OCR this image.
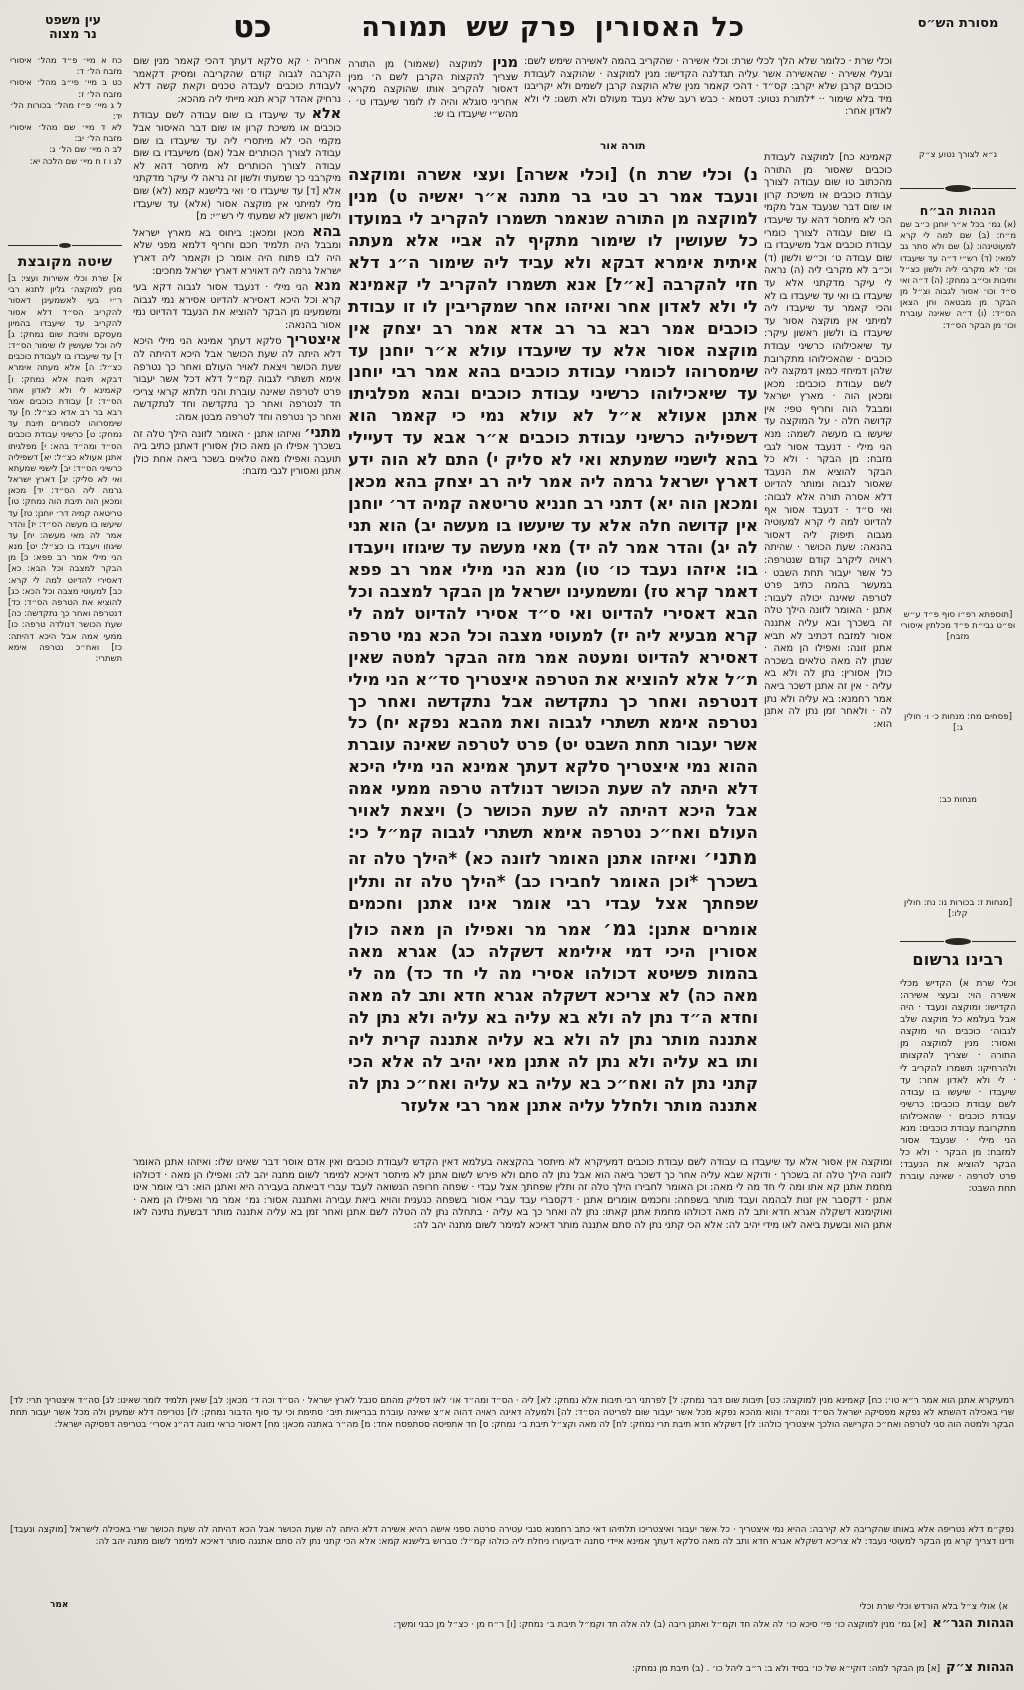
מסורת הש״ס
כל האסוריןפרק ששתמורה
כט
עין משפט
נר מצוה
כח א מיי׳ פ״ד מהל׳ איסורי מזבח הל׳ ד:
כט ב מיי׳ פי״ב מהל׳ איסורי מזבח הל׳ ז:
ל ג מיי׳ פ״ז מהל׳ בכורות הל׳ יד:
לא ד מיי׳ שם מהל׳ איסורי מזבח הל׳ יב:
לב ה מיי׳ שם הל׳ ג:
לג ו ז ח מיי׳ שם הלכה יא:
שיטה מקובצת
א] שרת וכלי אשירות ועצי: ב] מנין למוקצה׳ גליון לתנא רבי ר״י בעי לאשמעינן דאסור להקריב הס״ד דלא אסור להקריב עד שיעבדו בהמיון מעסקם ותיבת שום נמחק: ג] ליה וכל שעושין לו שימור הס״ד: ד] עד שיעבדו בו לעבודת כוכבים כצ״ל: ה] אלא מעתה אימרא דבקא תיבת אלא נמחק: ו] קאמינא לי ולא לאדון אחר הס״ד: ז] עבודת כוכבים אמר רבא בר רב אדא כצ״ל: ח] עד שימסרוהו לכומרים תיבת עד נמחק: ט] כרשיני עבודת כוכבים הס״ד ומה״ד בהא: י] מפלגיתו אתנן אעולא כצ״ל: יא] דשפיליה כרשיני הס״ד: יב] לישנײ שמעתא ואי לא סליק: יג] דארץ ישראל גרמה ליה הס״ד: יד] מכאן ומכאן הוה תיבת הוה נמחק: טו] טריטאה קמיה דר׳ יוחנן: טז] עד שיעשו בו מעשה הס״ד: יז] והדר אמר לה מאי מעשה: יח] עד שיגוזו ויעבדו בו כצ״ל: יט] מנא הני מילי אמר רב פפא: כ] מן הבקר למצבה וכל הבא: כא] דאסירי להדיוט למה לי קרא: כב] למעוטי מצבה וכל הכא: כג] להוציא את הטרפה הס״ד: כד] דנטרפה ואחר כך נתקדשה: כה] שעת הכושר דנולדה טרפה: כו] ממעי אמה אבל היכא דהיתה: כז] ואח״כ נטרפה אימא תשתרי:

אחריה · קא סלקא דעתך דהכי קאמר מנין שום הקרבה לגבוה קודם שהקריבה ומסיק דקאמר לעבודת כוכבים לעבדה טכנים וקאת קשה דלא נרחיק אהדר קרא תנא מייתי ליה מהכא:

אלא עד שיעבדו בו שום עבודה לשם עבודת כוכבים או משיכת קרון או שום דבר האיסור אבל מקמי הכי לא מיתסרי ליה עד שיעבדו בו שום עבודה לצורך הכותרים אבל (אם) משיעבדו בו שום עבודה לצורך הכותרים לא מיתסר דהא לא מיקרבני כך שמעתי ולשון זה נראה לי עיקר מדקתני אלא [ד] עד שיעבדו ס׳ ואי בלישנא קמא (לא) שום מלי למיתני אין מוקצה אסור (אלא) עד שיעבדו ולשון ראשון לא שמעתי לי רש״י: מ]

בהא מכאן ומכאן: ביחוס בא מארץ ישראל ומבבל היה תלמיד חכם וחריף דלמא מפני שלא היה לבו פתוח היה אומר כן וקאמר ליה דארץ ישראל גרמה ליה דאוירא דארץ ישראל מחכים:

מנא הני מילי · דנעבד אסור לגבוה דקא בעי קרא וכל היכא דאסירא להדיוט אסירא נמי לגבוה ומשמעינו מן הבקר להוציא את הנעבד דהדיוט נמי אסור בהנאה:

איצטריך סלקא דעתך אמינא הני מילי היכא דלא היתה לה שעת הכושר אבל היכא דהיתה לה שעת הכושר ויצאת לאויר העולם ואחר כך נטרפה אימא תשתרי לגבוה קמ״ל דלא דכל אשר יעבור פרט לטרפה שאינה עוברת והני תלתא קראי צריכי חד לנטרפה ואחר כך נתקדשה וחד לנתקדשה ואחר כך נטרפה וחד לטרפה מבטן אמה:

מתני׳ ואיזהו אתנן · האומר לזונה הילך טלה זה בשכרך אפילו הן מאה כולן אסורין דאתנן כתיב ביה תועבה ואפילו מאה טלאים בשכר ביאה אחת כולן אתנן ואסורין לגבי מזבח:

מנין למוקצה (שאמור) מן התורה שצריך להקצות הקרבן לשם ה׳ מנין דאסור להקריב אותו שהוקצה מקראי אחריני סוגלא והיה לו לומר שיעבדו ט׳ · מהש״י שיעבדו בו ש:

וכלי שרת · כלומר שלא הלך לכלי שרת: וכלי אשירה · שהקריב בהמה לאשירה שימש לשם: ובעלי אשירה · שהאשירה אשר עליה תגדלנה הקדישו: מנין למוקצה · שהוקצה לעבודת כוכבים קרבן שלא יקרב: קס״ד · דהכי קאמר מנין שלא הוקצה קרבן לשמים ולא יקריבנו מיד בלא שימור ·· *לתורת נטוע: דטמא · כבש רעב שלא נעבד מעולם ולא תשגו: לי ולא לאדון אחר:
תורה אור
נ) וכלי שרת ח) [וכלי אשרה] ועצי אשרה ומוקצה ונעבד אמר רב טבי בר מתנה א״ר יאשיה ט) מנין למוקצה מן התורה שנאמר תשמרו להקריב לי במועדו כל שעושין לו שימור מתקיף לה אביי אלא מעתה איתית אימרא דבקא ולא עביד ליה שימור ה״נ דלא חזי להקרבה [א״ל] אנא תשמרו להקריב לי קאמינא לי ולא לאדון אחר ואיזהו אחר שמקריבין לו זו עבודת כוכבים אמר רבא בר רב אדא אמר רב יצחק אין מוקצה אסור אלא עד שיעבדו עולא א״ר יוחנן עד שימסרוהו לכומרי עבודת כוכבים בהא אמר רבי יוחנן עד שיאכילוהו כרשיני עבודת כוכבים ובהא מפלגיתו אתנן אעולא א״ל לא עולא נמי כי קאמר הוא דשפיליה כרשיני עבודת כוכבים א״ר אבא עד דעיילי בהא לישנײ שמעתא ואי לא סליק י) התם לא הוה ידע דארץ ישראל גרמה ליה אמר ליה רב יצחק בהא מכאן ומכאן הוה יא) דתני רב חנניא טריטאה קמיה דר׳ יוחנן אין קדושה חלה אלא עד שיעשו בו מעשה יב) הוא תני לה יג) והדר אמר לה יד) מאי מעשה עד שיגוזו ויעבדו בו: איזהו נעבד כו׳ טו) מנא הני מילי אמר רב פפא דאמר קרא טז) ומשמעינו ישראל מן הבקר למצבה וכל הבא דאסירי להדיוט ואי ס״ד אסירי להדיוט למה לי קרא מבעיא ליה יז) למעוטי מצבה וכל הכא נמי טרפה דאסירא להדיוט ומעטה אמר מזה הבקר למטה שאין ת״ל אלא להוציא את הטרפה איצטריך סד״א הני מילי דנטרפה ואחר כך נתקדשה אבל נתקדשה ואחר כך נטרפה אימא תשתרי לגבוה ואת מהבא נפקא יח) כל אשר יעבור תחת השבט יט) פרט לטרפה שאינה עוברת ההוא נמי איצטריך סלקא דעתך אמינא הני מילי היכא דלא היתה לה שעת הכושר דנולדה טרפה ממעי אמה אבל היכא דהיתה לה שעת הכושר כ) ויצאת לאויר העולם ואח״כ נטרפה אימא תשתרי לגבוה קמ״ל כי: מתני׳ ואיזהו אתנן האומר לזונה כא) *הילך טלה זה בשכרך *וכן האומר לחבירו כב) *הילך טלה זה ותלין שפחתך אצל עבדי רבי אומר אינו אתנן וחכמים אומרים אתנן: גמ׳ אמר מר ואפילו הן מאה כולן אסורין היכי דמי אילימא דשקלה כג) אגרא מאה בהמות פשיטא דכולהו אסירי מה לי חד כד) מה לי מאה כה) לא צריכא דשקלה אגרא חדא ותב לה מאה וחדא ה״ד נתן לה ולא בא עליה בא עליה ולא נתן לה אתננה מותר נתן לה ולא בא עליה אתננה קרית ליה ותו בא עליה ולא נתן לה אתנן מאי יהיב לה אלא הכי קתני נתן לה ואח״כ בא עליה בא עליה ואח״כ נתן לה אתננה מותר ולחלל עליה אתנן אמר רבי אלעזר
קאמינא כח] למוקצה לעבודת כוכבים שאסור מן התורה מהכתוב טו שום עבודה לצורך עבודת כוכבים או משיכת קרון או שום דבר שנעבד אבל מקמי הכי לא מיתסר דהא עד שיעבדו בו שום עבודה לצורך כומרי עבודת כוכבים אבל משיעבדו בו שום עבודה ט׳ וכ״ש ולשון (ד) וכ״ב לא מקרבי ליה (ה) נראה לי עיקר מדקתני אלא עד שיעבדו בו ואי עד שיעבדו בו לא והכי קאמר עד שיעבדו ליה למיתני אין מוקצה אסור עד שיעבדו בו ולשון ראשון עיקר: עד שיאכילוהו כרשיני עבודת כוכבים · שהאכילוהו מתקרובת שלהן דמיחזי כמאן דמקצה ליה לשם עבודת כוכבים: מכאן ומכאן הוה · מארץ ישראל ומבבל הוה וחריף טפי: אין קדושה חלה · על המוקצה עד שיעשו בו מעשה לשמה: מנא הני מילי · דנעבד אסור לגבי מזבח: מן הבקר · ולא כל הבקר להוציא את הנעבד שאסור לגבוה ומותר להדיוט דלא אסרה תורה אלא לגבוה: ואי ס״ד · דנעבד אסור אף להדיוט למה לי קרא למעוטיה מגבוה תיפוק ליה דאסור בהנאה: שעת הכושר · שהיתה ראויה ליקרב קודם שנטרפה: כל אשר יעבור תחת השבט · במעשר בהמה כתיב פרט לטרפה שאינה יכולה לעבור: אתנן · האומר לזונה הילך טלה זה בשכרך ובא עליה אתננה אסור למזבח דכתיב לא תביא אתנן זונה: ואפילו הן מאה · שנתן לה מאה טלאים בשכרה כולן אסורין: נתן לה ולא בא עליה · אין זה אתנן דשכר ביאה אמר רחמנא: בא עליה ולא נתן לה · ולאחר זמן נתן לה אתנן הוא:
נ״א לצורך נטוע צ״ק
הגהות הב״ח
(א) גמ׳ בכל א״ר יוחנן כ״ב שם מ״ח: (ב) שם למה לי קרא למעוטינהו: (ג) שם ולא סתר גב למאי: (ד) רש״י ד״ה עד שיעבדו וכו׳ לא מקרבי ליה ולשון כצ״ל ותיבות וכי״ב נמחק: (ה) ד״ה ואי ס״ד וכו׳ אסור לגבוה וצ״ל מן הבקר מן מבטאה וחן הצאן הס״ד: (ו) ד״ה שאינה עוברת וכו׳ מן הבקר הס״ד:
[תוספתא רפ״ו סוף פ״ד ע״ש ופ״ט גבי״ת פ״ד מכלתין איסורי מזבח]
[פסחים מח: מנחות כ· ו· חולין ג:]
מנחות כב:
[מנחות ז: בכורות נו: נח: חולין קלו:]
רבינו גרשום
וכלי שרת א) הקדיש מכלי אשירה הוי: ובעצי אשירה: הקדישו: ומוקצה ונעבד · היה אבל בעלמא כל מוקצה שלב לגבוה׳ כוכבים הוי מוקצה ואסור: מנין למוקצה מן התורה · שצריך להקצותו ולהרחיקו: תשמרו להקריב לי · לי ולא לאדון אחר: עד שיעבדו · שיעשו בו עבודה לשם עבודת כוכבים: כרשיני עבודת כוכבים · שהאכילוהו מתקרובת עבודת כוכבים: מנא הני מילי · שנעבד אסור למזבח: מן הבקר · ולא כל הבקר להוציא את הנעבד: פרט לטרפה · שאינה עוברת תחת השבט:
ומוקצה אין אסור אלא עד שיעבדו בו עבודה לשם עבודת כוכבים דמעיקרא לא מיתסר בהקצאה בעלמא דאין הקדש לעבודת כוכבים ואין אדם אוסר דבר שאינו שלו: ואיזהו אתנן האומר לזונה הילך טלה זה בשכרך · ודוקא שבא עליה אחר כך דשכר ביאה הוא אבל נתן לה סתם ולא פירש לשום אתנן לא מיתסר דאיכא למימר לשום מתנה יהב לה: ואפילו הן מאה · דכולהו מחמת אתנן קא אתו ומה לי חד מה לי מאה: וכן האומר לחבירו הילך טלה זה ותלין שפחתך אצל עבדי · שפחה חרופה הנשואה לעבד עברי דביאתה בעבירה היא ואתנן הוא: רבי אומר אינו אתנן · דקסבר אין זנות לבהמה ועבד מותר בשפחה: וחכמים אומרים אתנן · דקסברי עבד עברי אסור בשפחה כנענית והויא ביאת עבירה ואתננה אסור: גמ׳ אמר מר ואפילו הן מאה · ואוקימנא דשקלה אגרא חדא ותב לה מאה דכולהו מחמת אתנן קאתו: נתן לה ואחר כך בא עליה · בתחלה נתן לה הטלה לשם אתנן ואחר זמן בא עליה אתננה מותר דבשעת נתינה לאו אתנן הוא ובשעת ביאה לאו מידי יהיב לה: אלא הכי קתני נתן לה סתם אתננה מותר דאיכא למימר לשום מתנה יהב לה:
רמעיקרא אתנן הוא אמר ר״א טו׳: כח] קאמינא מנין למוקצה: כט] תיבות שום דבר נמחק: ל] לפרתני רבי תיבות אלא נמחק: לא] ליה · הס״ד ומה״ד או׳ לאו דסליק מהתם סנבל לארץ ישראל · הס״ד וכה ד׳ מכאן: לב] שאין תלמיד לומר שאינו: לג] סה״ד איצטריך תרי: לד] שרי באכילה דהשתא לא נפקא מפסיקה ישראל הס״ד ומה״ד והוא מהכא נפקא מכל אשר יעבור שום לפריטה הס״ד: לה] ולמעלה דאינה ראויה דהוה א״צ שאינה עוברת בבריאות תיב׳ סתימת וכי עד סוף הדבור נמחק: לו] נטריפה דלא שמעינן ולה מכל אשר יעבור תחת הבקר ולמטה הוה סגי לטרפה ואח״כ הקרישה הולכך איצטריך כולהו: לז] דשקלא חדא תיבת תרי נמחק: לח] לה מאה וקצ״ל תיבת ב׳ נמחק: ס] חד אתפיסה ססתפסח אחד: מ] מה״ר באתנה מכאן: מח] דאסור כראי נזונה דה״נ אסרי׳ בטריפה דפסיקה ישראל:
נפק״מ דלא נטריפה אלא באותו שהקריבה לא קירבה: ההיא נמי איצטריך · כל אשר יעבור ואיצטריכו תלתיהו דאי כתב רחמנא סנבי עטירה סרטה ספני אישה רהיא אשירה דלא היתה לה שעת הכושר אבל הכא דהיתה לה שעת הכושר שרי באכילה לישראל [מוקצה ונעבד] ודינו דצריך קרא מן הבקר למעוטי נעבד: לא צריכא דשקלא אגרא חדא ותב לה מאה סלקא דעתך אמינא איידי סתנה ידביעורו ניחלת ליה כולהו קמ״ל: סברוש בלישנא קמא: אלא הכי קתני נתן לה סתם אתננה סותר דאיכא למימר לשום מתנה יהב לה:
אמר	א) אולי צ״ל בלא הורדש וכלי שרת וכלי
הגהות הגר״א[א] גמ׳ מנין למוקצה כו׳ פי׳ סיכא כו׳ לה אלה חד וקמ״ל ואתנן ריבה (ב) לה אלה חד וקמ״ל תיבת ב׳ נמחק: [ו] ר״ח מן · כצ״ל מן כבני ומשך:
הגהות צ״ק[א] מן הבקר למה: דוקי״א של כו׳ בסיד ולא ב: ר״ב ליהל כו׳ . (ב) תיבת מן נמחק:
